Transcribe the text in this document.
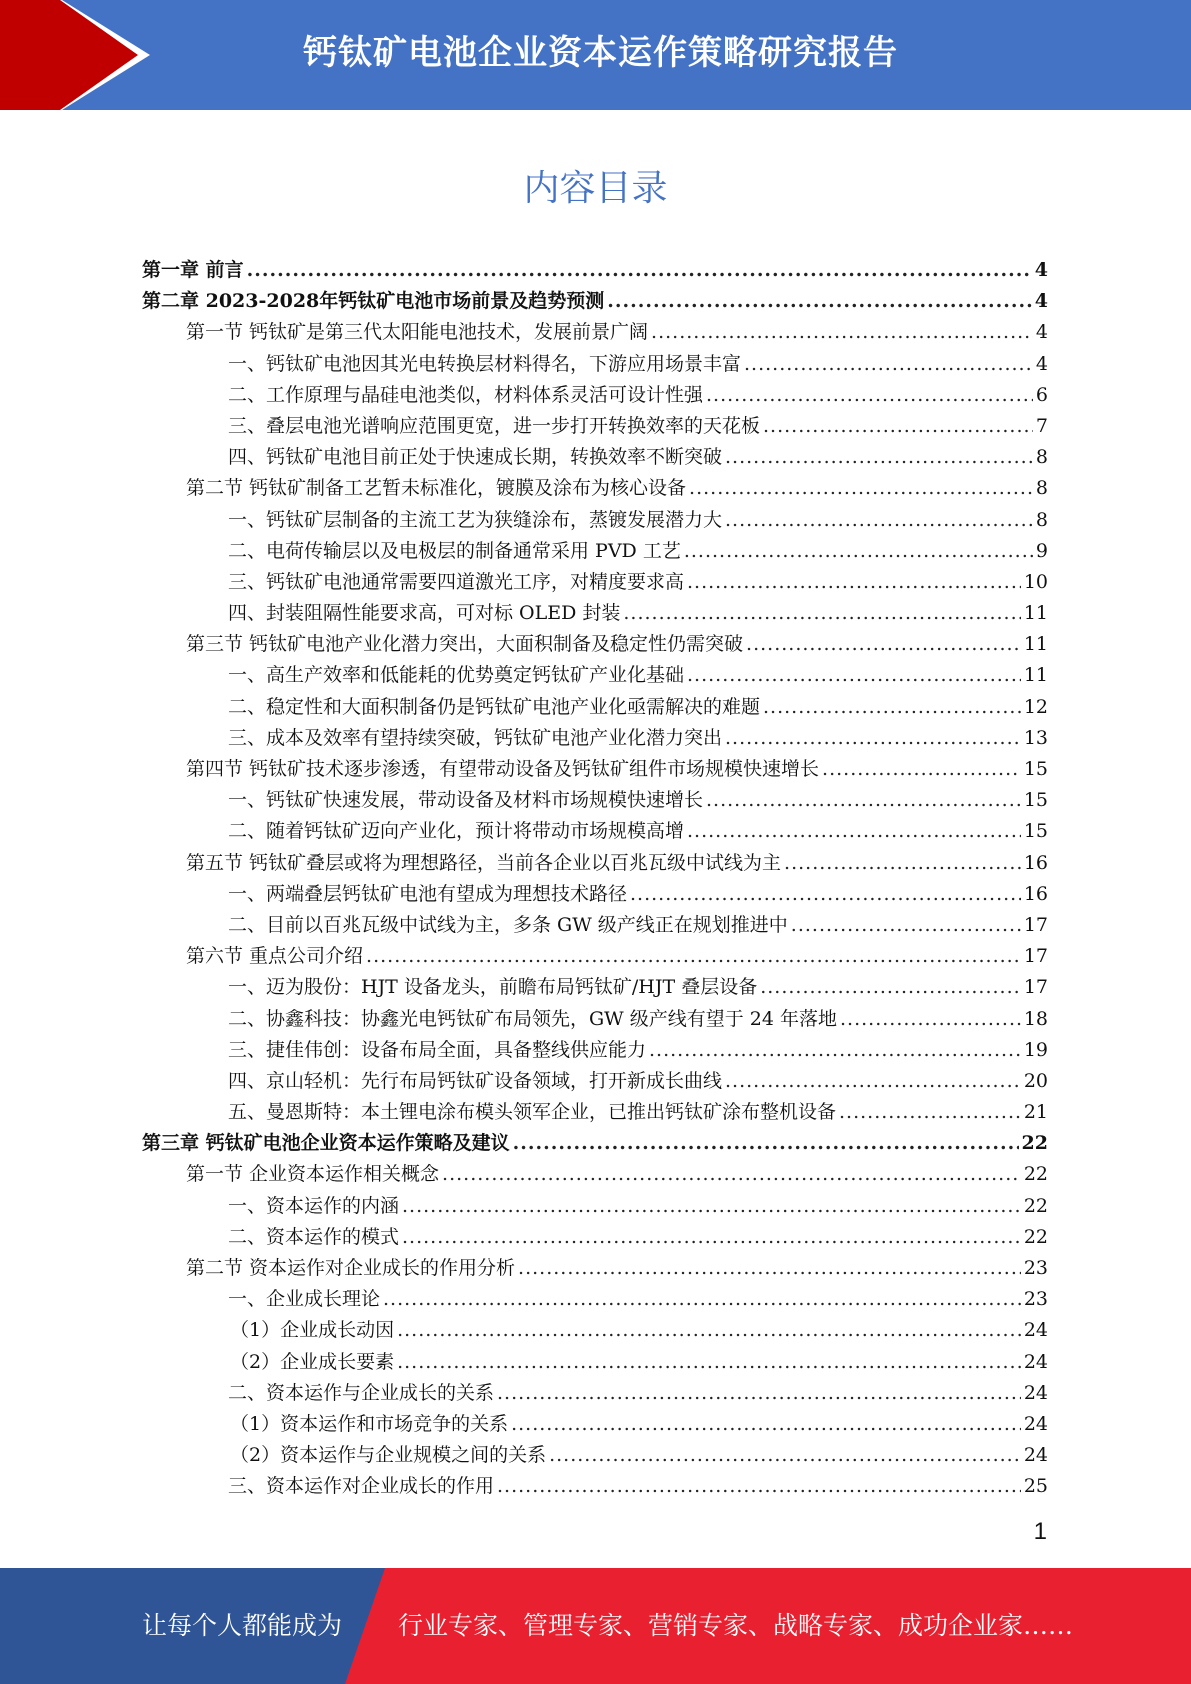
钙钛矿电池企业资本运作策略研究报告
内容目录
第一章 前言 .....	4
第二章 2023-2028年钙钛矿电池市场前景及趋势预测 .....	4
第一节 钙钛矿是第三代太阳能电池技术，发展前景广阔 .....	4
一、钙钛矿电池因其光电转换层材料得名，下游应用场景丰富 .....	4
二、工作原理与晶硅电池类似，材料体系灵活可设计性强 .....	6
三、叠层电池光谱响应范围更宽，进一步打开转换效率的天花板 .....	7
四、钙钛矿电池目前正处于快速成长期，转换效率不断突破 .....	8
第二节 钙钛矿制备工艺暂未标准化，镀膜及涂布为核心设备 .....	8
一、钙钛矿层制备的主流工艺为狭缝涂布，蒸镀发展潜力大 .....	8
二、电荷传输层以及电极层的制备通常采用 PVD 工艺 .....	9
三、钙钛矿电池通常需要四道激光工序，对精度要求高 .....	10
四、封装阻隔性能要求高，可对标 OLED 封装 .....	11
第三节 钙钛矿电池产业化潜力突出，大面积制备及稳定性仍需突破 .....	11
一、高生产效率和低能耗的优势奠定钙钛矿产业化基础 .....	11
二、稳定性和大面积制备仍是钙钛矿电池产业化亟需解决的难题 .....	12
三、成本及效率有望持续突破，钙钛矿电池产业化潜力突出 .....	13
第四节 钙钛矿技术逐步渗透，有望带动设备及钙钛矿组件市场规模快速增长 .....	15
一、钙钛矿快速发展，带动设备及材料市场规模快速增长 .....	15
二、随着钙钛矿迈向产业化，预计将带动市场规模高增 .....	15
第五节 钙钛矿叠层或将为理想路径，当前各企业以百兆瓦级中试线为主 .....	16
一、两端叠层钙钛矿电池有望成为理想技术路径 .....	16
二、目前以百兆瓦级中试线为主，多条 GW 级产线正在规划推进中 .....	17
第六节 重点公司介绍 .....	17
一、迈为股份：HJT 设备龙头，前瞻布局钙钛矿/HJT 叠层设备 .....	17
二、协鑫科技：协鑫光电钙钛矿布局领先，GW 级产线有望于 24 年落地 .....	18
三、捷佳伟创：设备布局全面，具备整线供应能力 .....	19
四、京山轻机：先行布局钙钛矿设备领域，打开新成长曲线 .....	20
五、曼恩斯特：本土锂电涂布模头领军企业，已推出钙钛矿涂布整机设备 .....	21
第三章 钙钛矿电池企业资本运作策略及建议 .....	22
第一节 企业资本运作相关概念 .....	22
一、资本运作的内涵 .....	22
二、资本运作的模式 .....	22
第二节 资本运作对企业成长的作用分析 .....	23
一、企业成长理论 .....	23
（1）企业成长动因 .....	24
（2）企业成长要素 .....	24
二、资本运作与企业成长的关系 .....	24
（1）资本运作和市场竞争的关系 .....	24
（2）资本运作与企业规模之间的关系 .....	24
三、资本运作对企业成长的作用 .....	25
1
让每个人都能成为 行业专家、管理专家、营销专家、战略专家、成功企业家……
